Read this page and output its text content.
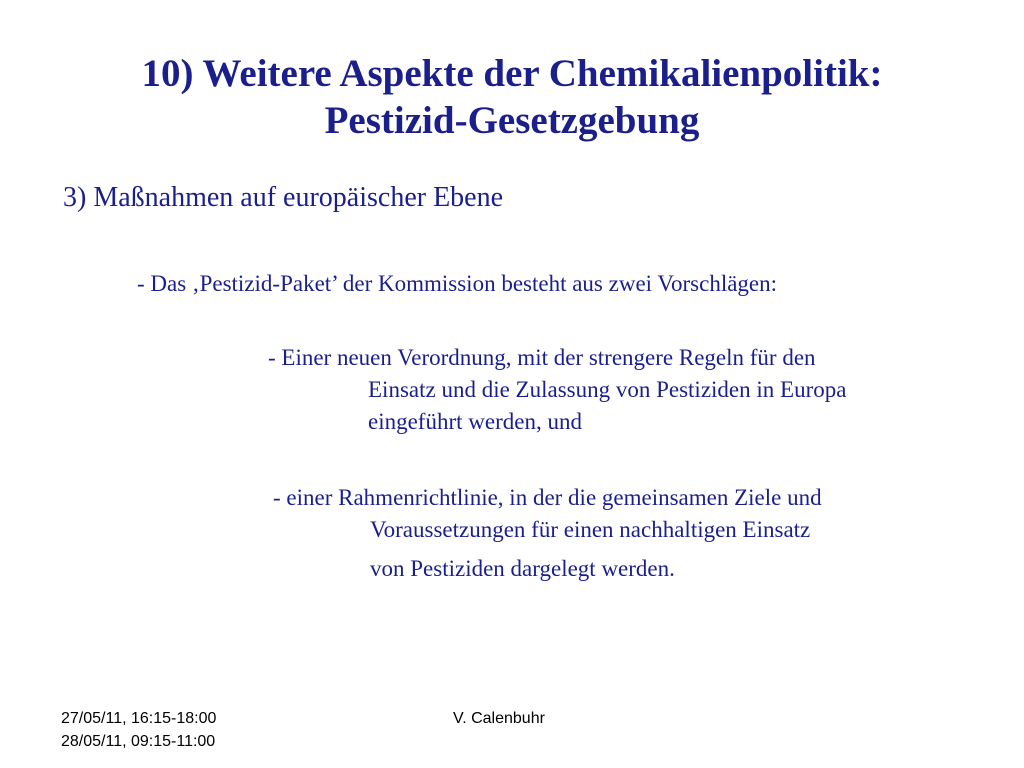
10) Weitere Aspekte der Chemikalienpolitik:
Pestizid-Gesetzgebung
3) Maßnahmen auf europäischer Ebene
- Das ‚Pestizid-Paket’ der Kommission besteht aus zwei Vorschlägen:
- Einer neuen Verordnung, mit der strengere Regeln für den
Einsatz und die Zulassung von Pestiziden in Europa
eingeführt werden, und
- einer Rahmenrichtlinie, in der die gemeinsamen Ziele und
Voraussetzungen für einen nachhaltigen Einsatz
von Pestiziden dargelegt werden.
27/05/11, 16:15-18:00
28/05/11, 09:15-11:00
V. Calenbuhr
